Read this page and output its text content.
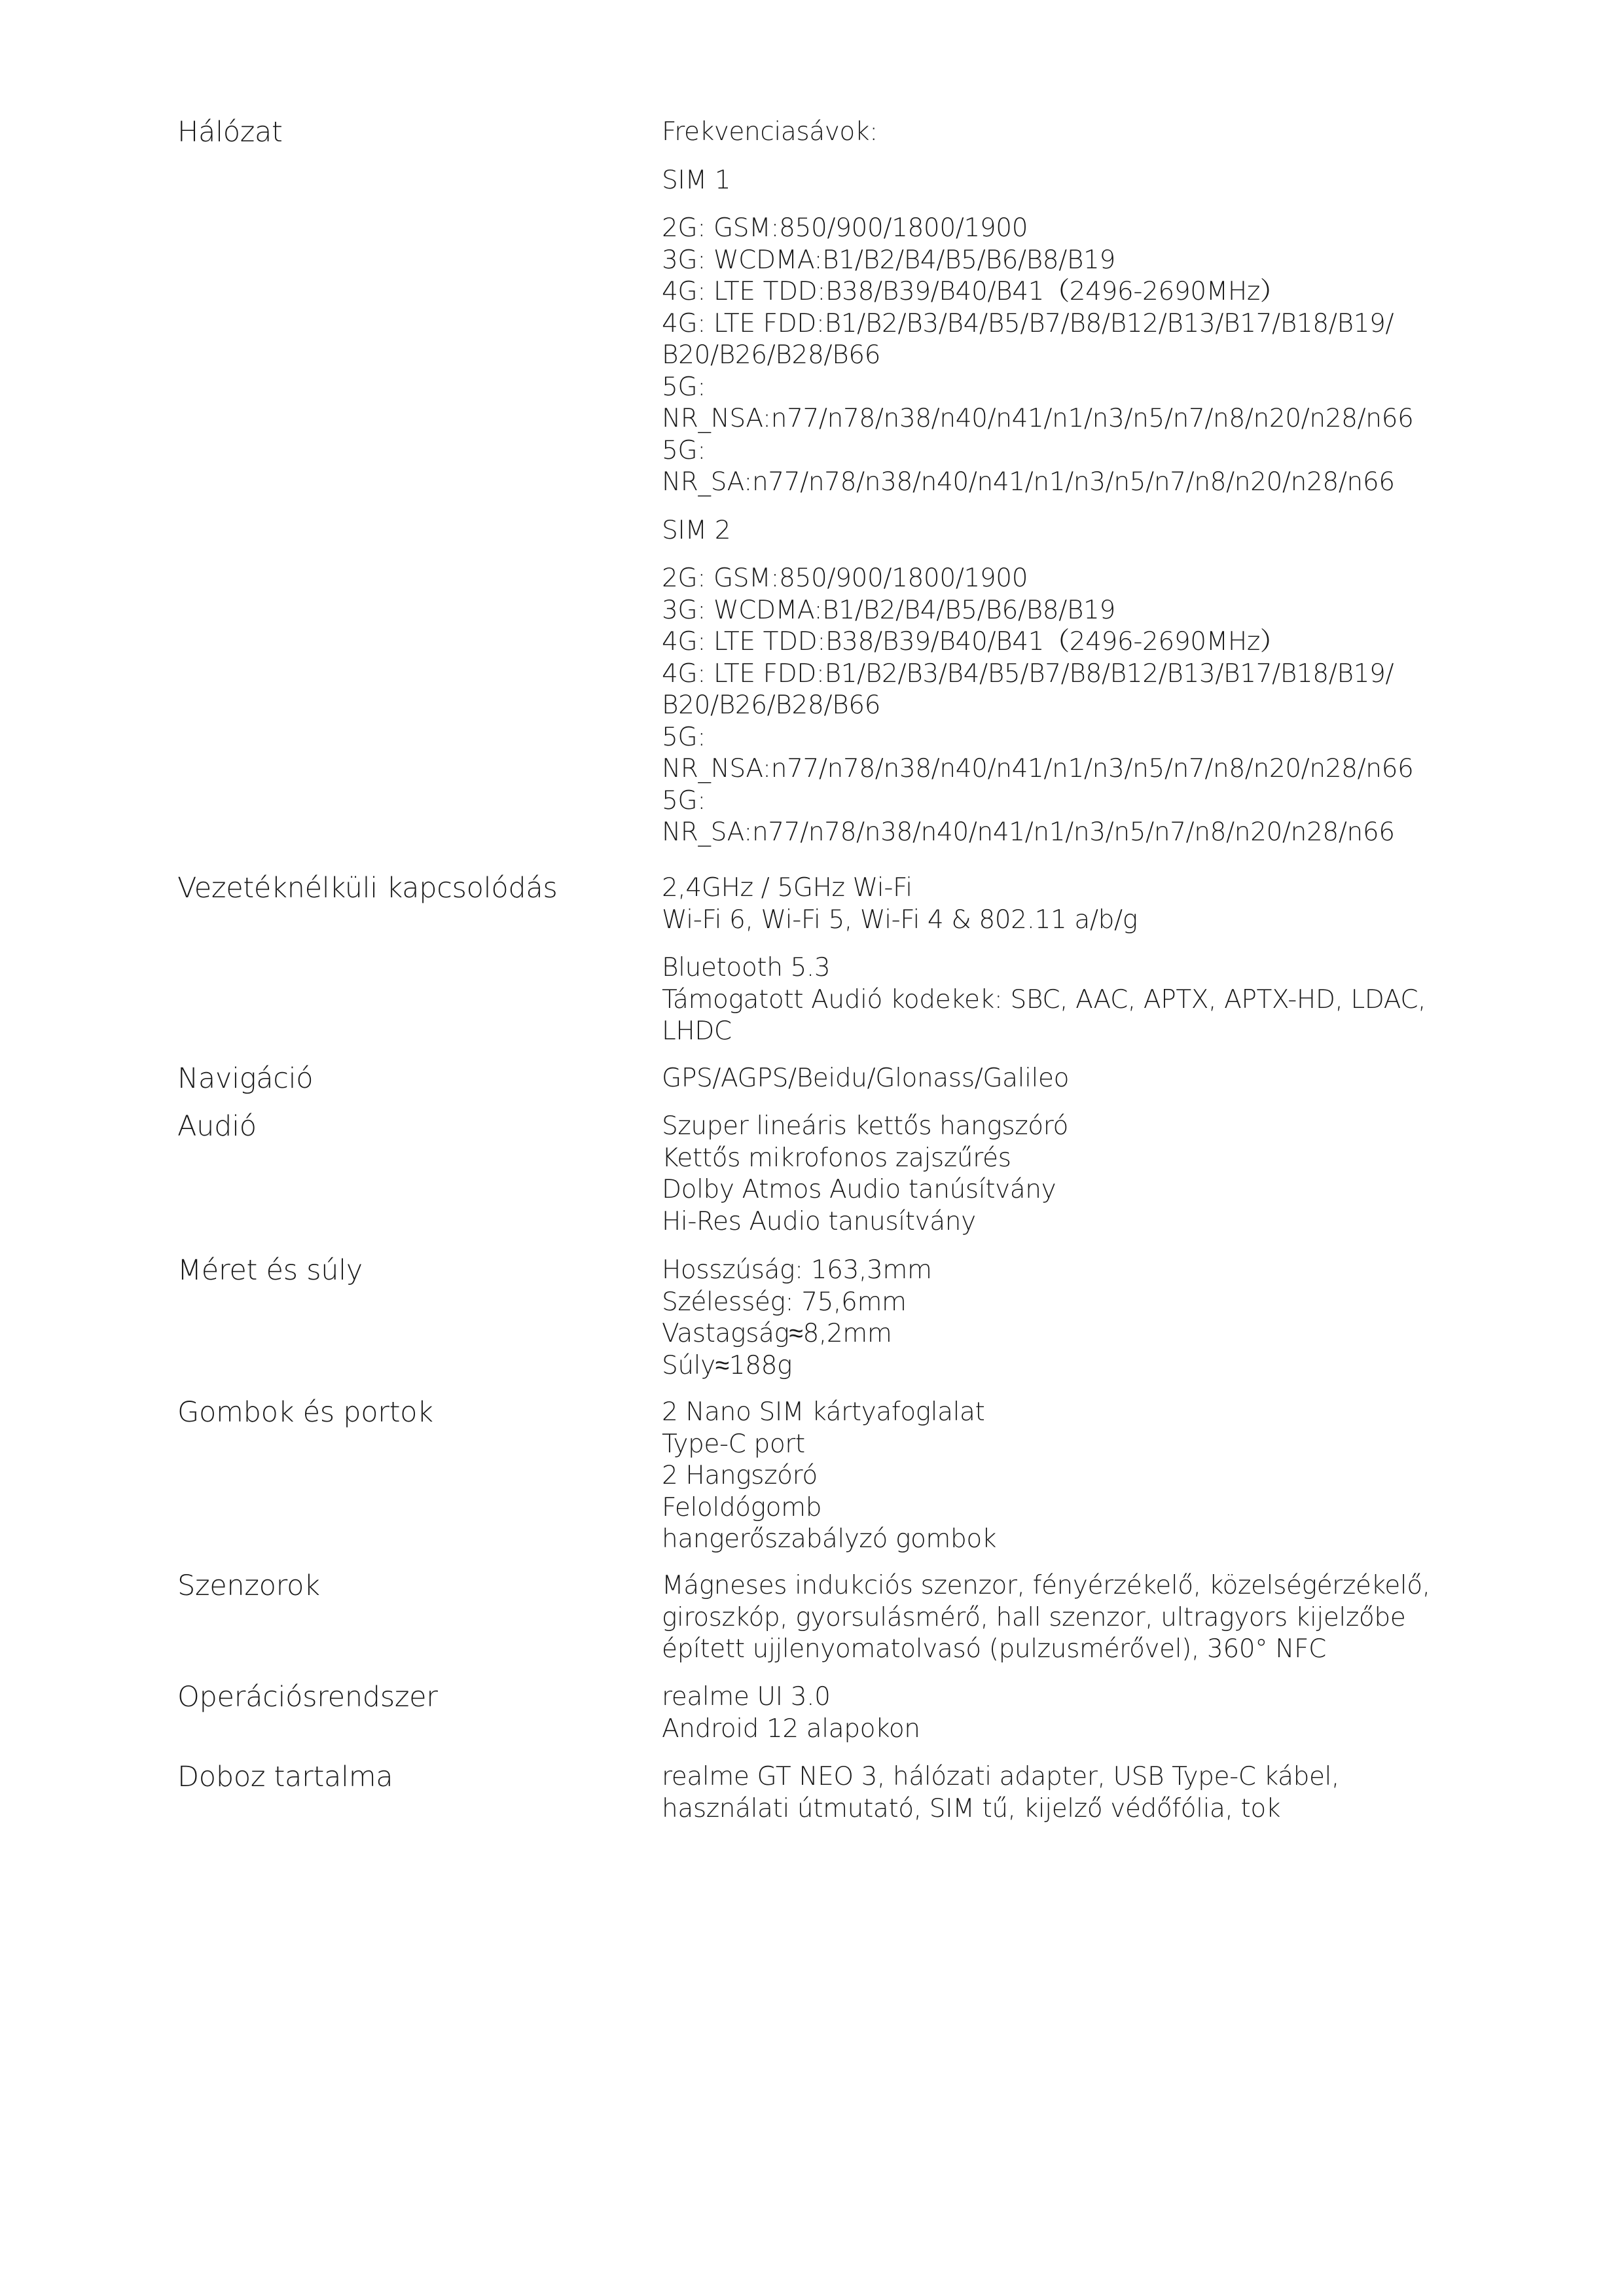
Hálózat	Frekvenciasávok:
SIM 1
2G: GSM:850/900/1800/1900
3G: WCDMA:B1/B2/B4/B5/B6/B8/B19
4G: LTE TDD:B38/B39/B40/B41（2496-2690MHz）
4G: LTE FDD:B1/B2/B3/B4/B5/B7/B8/B12/B13/B17/B18/B19/
B20/B26/B28/B66
5G:
NR_NSA:n77/n78/n38/n40/n41/n1/n3/n5/n7/n8/n20/n28/n66
5G:
NR_SA:n77/n78/n38/n40/n41/n1/n3/n5/n7/n8/n20/n28/n66
SIM 2
2G: GSM:850/900/1800/1900
3G: WCDMA:B1/B2/B4/B5/B6/B8/B19
4G: LTE TDD:B38/B39/B40/B41（2496-2690MHz）
4G: LTE FDD:B1/B2/B3/B4/B5/B7/B8/B12/B13/B17/B18/B19/
B20/B26/B28/B66
5G:
NR_NSA:n77/n78/n38/n40/n41/n1/n3/n5/n7/n8/n20/n28/n66
5G:
NR_SA:n77/n78/n38/n40/n41/n1/n3/n5/n7/n8/n20/n28/n66
Vezetéknélküli kapcsolódás	2,4GHz / 5GHz Wi-Fi
Wi-Fi 6, Wi-Fi 5, Wi-Fi 4 & 802.11 a/b/g
Bluetooth 5.3
Támogatott Audió kodekek: SBC, AAC, APTX, APTX-HD, LDAC,
LHDC
Navigáció	GPS/AGPS/Beidu/Glonass/Galileo
Audió	Szuper lineáris kettős hangszóró
Kettős mikrofonos zajszűrés
Dolby Atmos Audio tanúsítvány
Hi-Res Audio tanusítvány
Méret és súly	Hosszúság: 163,3mm
Szélesség: 75,6mm
Vastagság≈8,2mm
Súly≈188g
Gombok és portok	2 Nano SIM kártyafoglalat
Type-C port
2 Hangszóró
Feloldógomb
hangerőszabályzó gombok
Szenzorok	Mágneses indukciós szenzor, fényérzékelő, közelségérzékelő,
giroszkóp, gyorsulásmérő, hall szenzor, ultragyors kijelzőbe
épített ujjlenyomatolvasó (pulzusmérővel), 360° NFC
Operációsrendszer	realme UI 3.0
Android 12 alapokon
Doboz tartalma	realme GT NEO 3, hálózati adapter, USB Type-C kábel,
használati útmutató, SIM tű, kijelző védőfólia, tok
